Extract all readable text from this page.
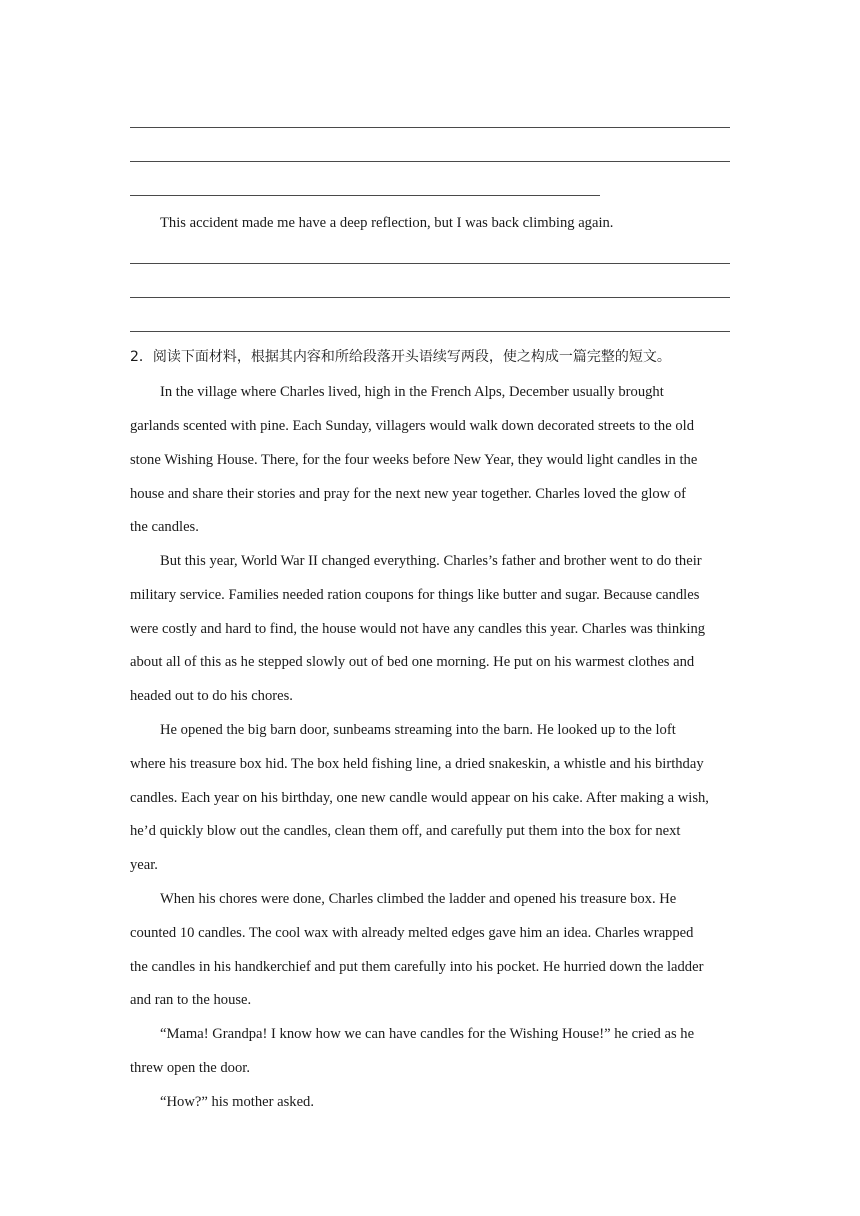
This accident made me have a deep reflection, but I was back climbing again.
2．阅读下面材料，根据其内容和所给段落开头语续写两段，使之构成一篇完整的短文。
In the village where Charles lived, high in the French Alps, December usually brought
garlands scented with pine. Each Sunday, villagers would walk down decorated streets to the old
stone Wishing House. There, for the four weeks before New Year, they would light candles in the
house and share their stories and pray for the next new year together. Charles loved the glow of
the candles.
But this year, World War II changed everything. Charles’s father and brother went to do their
military service. Families needed ration coupons for things like butter and sugar. Because candles
were costly and hard to find, the house would not have any candles this year. Charles was thinking
about all of this as he stepped slowly out of bed one morning. He put on his warmest clothes and
headed out to do his chores.
He opened the big barn door, sunbeams streaming into the barn. He looked up to the loft
where his treasure box hid. The box held fishing line, a dried snakeskin, a whistle and his birthday
candles. Each year on his birthday, one new candle would appear on his cake. After making a wish,
he’d quickly blow out the candles, clean them off, and carefully put them into the box for next
year.
When his chores were done, Charles climbed the ladder and opened his treasure box. He
counted 10 candles. The cool wax with already melted edges gave him an idea. Charles wrapped
the candles in his handkerchief and put them carefully into his pocket. He hurried down the ladder
and ran to the house.
“Mama! Grandpa! I know how we can have candles for the Wishing House!” he cried as he
threw open the door.
“How?” his mother asked.
